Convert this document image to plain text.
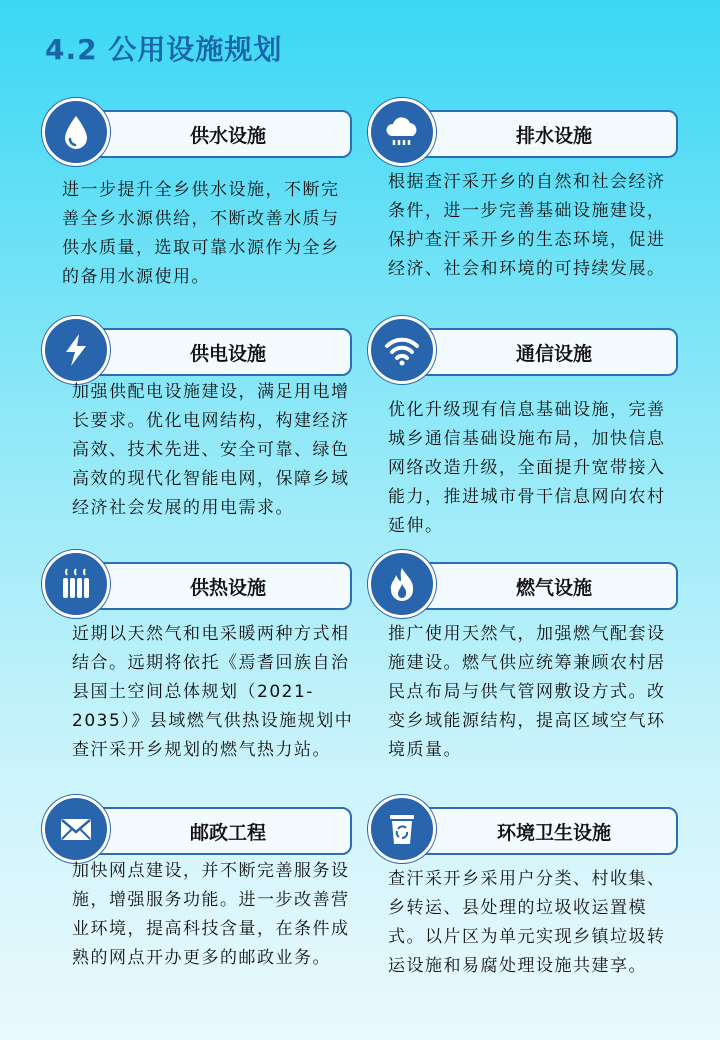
4.2 公用设施规划
供水设施
进一步提升全乡供水设施，不断完善全乡水源供给，不断改善水质与供水质量，选取可靠水源作为全乡的备用水源使用。
排水设施
根据查汗采开乡的自然和社会经济条件，进一步完善基础设施建设，保护查汗采开乡的生态环境，促进经济、社会和环境的可持续发展。
供电设施
加强供配电设施建设，满足用电增长要求。优化电网结构，构建经济高效、技术先进、安全可靠、绿色高效的现代化智能电网，保障乡域经济社会发展的用电需求。
通信设施
优化升级现有信息基础设施，完善城乡通信基础设施布局，加快信息网络改造升级，全面提升宽带接入能力，推进城市骨干信息网向农村延伸。
供热设施
近期以天然气和电采暖两种方式相结合。远期将依托《焉耆回族自治县国土空间总体规划（2021-2035）》县域燃气供热设施规划中查汗采开乡规划的燃气热力站。
燃气设施
推广使用天然气，加强燃气配套设施建设。燃气供应统筹兼顾农村居民点布局与供气管网敷设方式。改变乡域能源结构，提高区域空气环境质量。
邮政工程
加快网点建设，并不断完善服务设施，增强服务功能。进一步改善营业环境，提高科技含量，在条件成熟的网点开办更多的邮政业务。
环境卫生设施
查汗采开乡采用户分类、村收集、乡转运、县处理的垃圾收运置模式。以片区为单元实现乡镇垃圾转运设施和易腐处理设施共建享。
